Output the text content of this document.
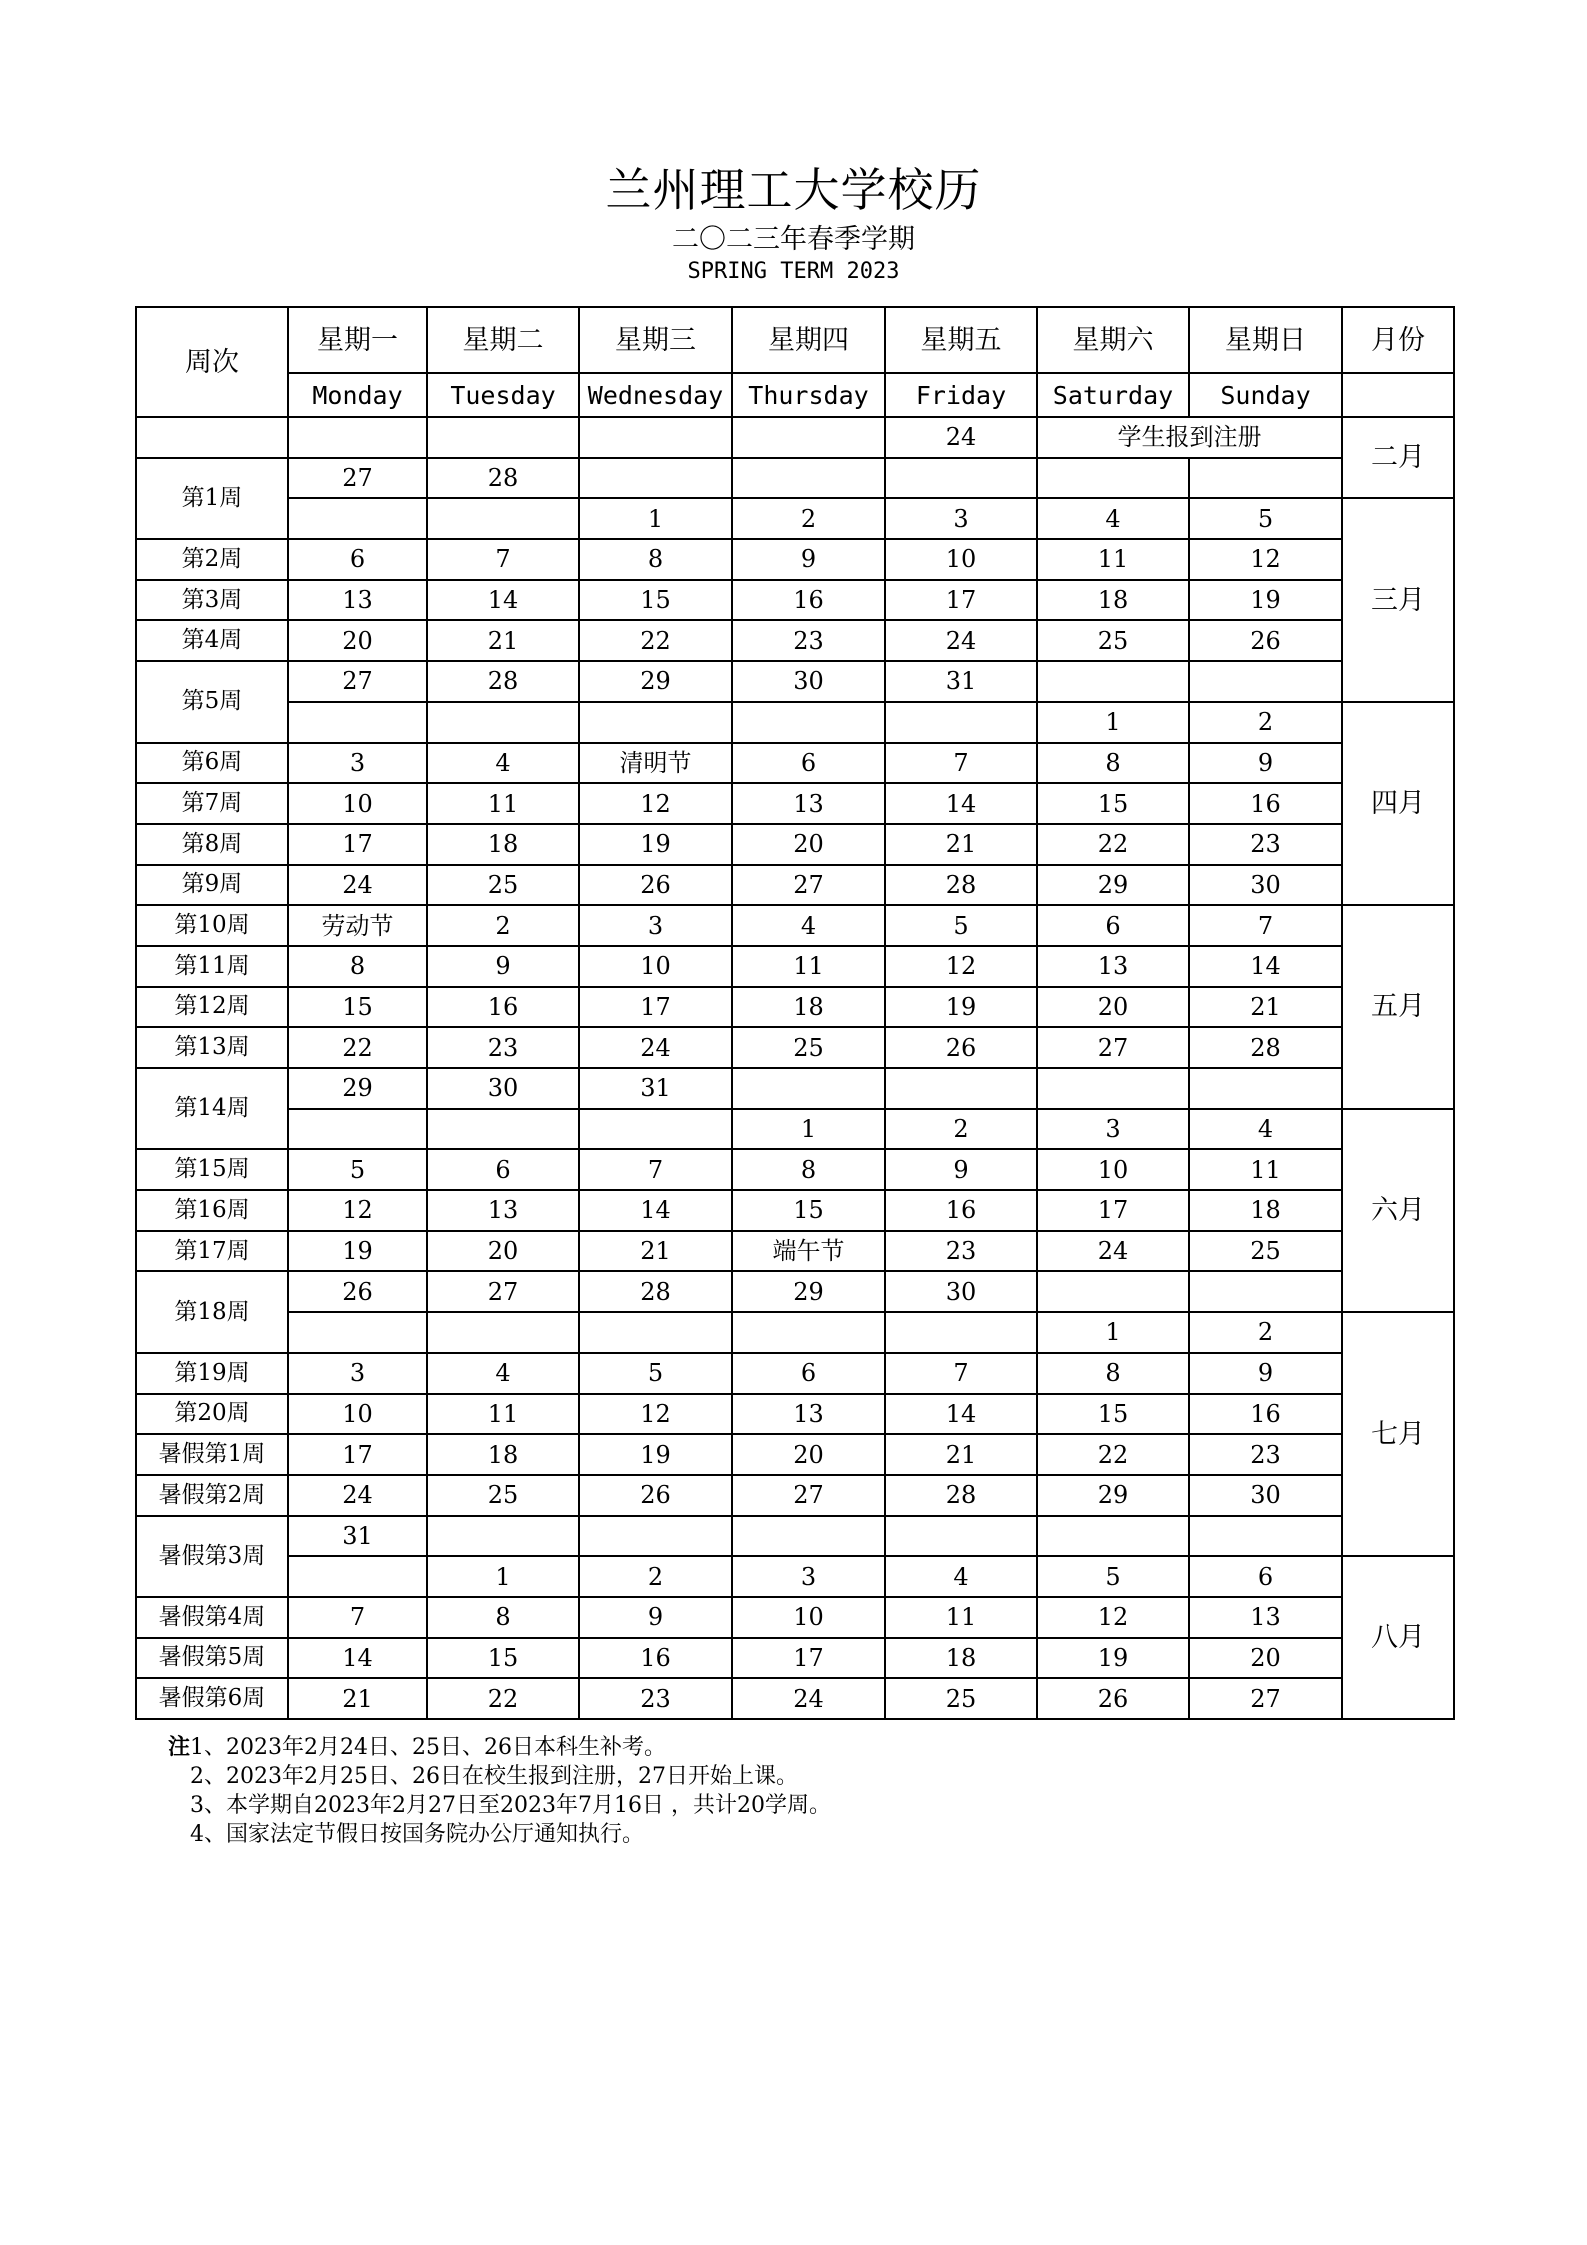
兰州理工大学校历
二〇二三年春季学期
SPRING TERM 2023
周次	星期一	星期二	星期三	星期四	星期五	星期六	星期日	月份
	Monday	Tuesday	Wednesday	Thursday	Friday	Saturday	Sunday	
					24	学生报到注册		二月
第1周	27	28						
			1	2	3	4	5	三月
第2周	6	7	8	9	10	11	12	
第3周	13	14	15	16	17	18	19	
第4周	20	21	22	23	24	25	26	
第5周	27	28	29	30	31			
						1	2	四月
第6周	3	4	清明节	6	7	8	9	
第7周	10	11	12	13	14	15	16	
第8周	17	18	19	20	21	22	23	
第9周	24	25	26	27	28	29	30	
第10周	劳动节	2	3	4	5	6	7	五月
第11周	8	9	10	11	12	13	14	
第12周	15	16	17	18	19	20	21	
第13周	22	23	24	25	26	27	28	
第14周	29	30	31					
				1	2	3	4	六月
第15周	5	6	7	8	9	10	11	
第16周	12	13	14	15	16	17	18	
第17周	19	20	21	端午节	23	24	25	
第18周	26	27	28	29	30			
						1	2	七月
第19周	3	4	5	6	7	8	9	
第20周	10	11	12	13	14	15	16	
暑假第1周	17	18	19	20	21	22	23	
暑假第2周	24	25	26	27	28	29	30	
暑假第3周	31							
		1	2	3	4	5	6	八月
暑假第4周	7	8	9	10	11	12	13	
暑假第5周	14	15	16	17	18	19	20	
暑假第6周	21	22	23	24	25	26	27	
注1、2023年2月24日、25日、26日本科生补考。
2、2023年2月25日、26日在校生报到注册，27日开始上课。
3、本学期自2023年2月27日至2023年7月16日 ，共计20学周。
4、国家法定节假日按国务院办公厅通知执行。
